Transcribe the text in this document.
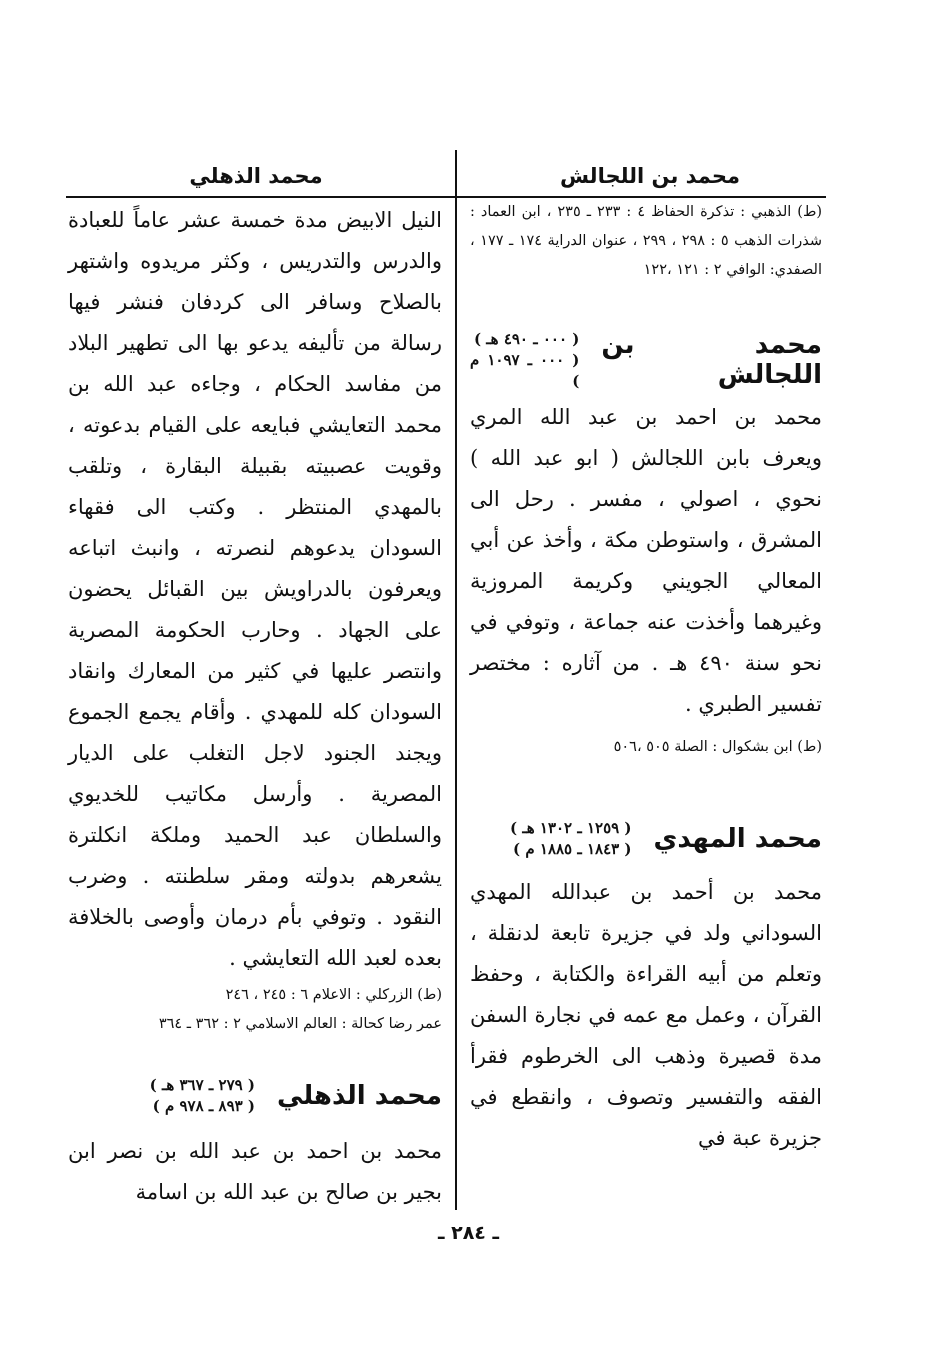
محمد بن اللجالش
محمد الذهلي

(ط) الذهبي : تذكرة الحفاظ ٤ : ٢٣٣ ـ ٢٣٥ ، ابن العماد : شذرات الذهب ٥ : ٢٩٨ ، ٢٩٩ ، عنوان الدراية ١٧٤ ـ ١٧٧ ، الصفدي: الوافي ٢ : ١٢١ ،١٢٢

محمد بن اللجالش
( ٠٠٠ ـ ٤٩٠ هـ )
( ٠٠٠ ـ ١٠٩٧ م )

محمد بن احمد بن عبد الله المري ويعرف بابن اللجالش ( ابو عبد الله ) نحوي ، اصولي ، مفسر . رحل الى المشرق ، واستوطن مكة ، وأخذ عن أبي المعالي الجويني وكريمة المروزية وغيرهما وأخذت عنه جماعة ، وتوفي في نحو سنة ٤٩٠ هـ . من آثاره : مختصر تفسير الطبري .

(ط) ابن بشكوال : الصلة ٥٠٥ ،٥٠٦

محمد المهدي
( ١٢٥٩ ـ ١٣٠٢ هـ )
( ١٨٤٣ ـ ١٨٨٥ م )

محمد بن أحمد بن عبدالله المهدي السوداني ولد في جزيرة تابعة لدنقلة ، وتعلم من أبيه القراءة والكتابة ، وحفظ القرآن ، وعمل مع عمه في نجارة السفن مدة قصيرة وذهب الى الخرطوم فقرأ الفقه والتفسير وتصوف ، وانقطع في جزيرة عبة في

النيل الابيض مدة خمسة عشر عاماً للعبادة والدرس والتدريس ، وكثر مريدوه واشتهر بالصلاح وسافر الى كردفان فنشر فيها رسالة من تأليفه يدعو بها الى تطهير البلاد من مفاسد الحكام ، وجاءه عبد الله بن محمد التعايشي فبايعه على القيام بدعوته ، وقويت عصبيته بقبيلة البقارة ، وتلقب بالمهدي المنتظر . وكتب الى فقهاء السودان يدعوهم لنصرته ، وانبث اتباعه ويعرفون بالدراويش بين القبائل يحضون على الجهاد . وحارب الحكومة المصرية وانتصر عليها في كثير من المعارك وانقاد السودان كله للمهدي . وأقام يجمع الجموع ويجند الجنود لاجل التغلب على الديار المصرية . وأرسل مكاتيب للخديوي والسلطان عبد الحميد وملكة انكلترة يشعرهم بدولته ومقر سلطنته . وضرب النقود . وتوفي بأم درمان وأوصى بالخلافة بعده لعبد الله التعايشي .

(ط) الزركلي : الاعلام ٦ : ٢٤٥ ، ٢٤٦

عمر رضا كحالة : العالم الاسلامي ٢ : ٣٦٢ ـ ٣٦٤

محمد الذهلي
( ٢٧٩ ـ ٣٦٧ هـ )
( ٨٩٣ ـ ٩٧٨ م )

محمد بن احمد بن عبد الله بن نصر ابن بجير بن صالح بن عبد الله بن اسامة

ـ ٢٨٤ ـ
